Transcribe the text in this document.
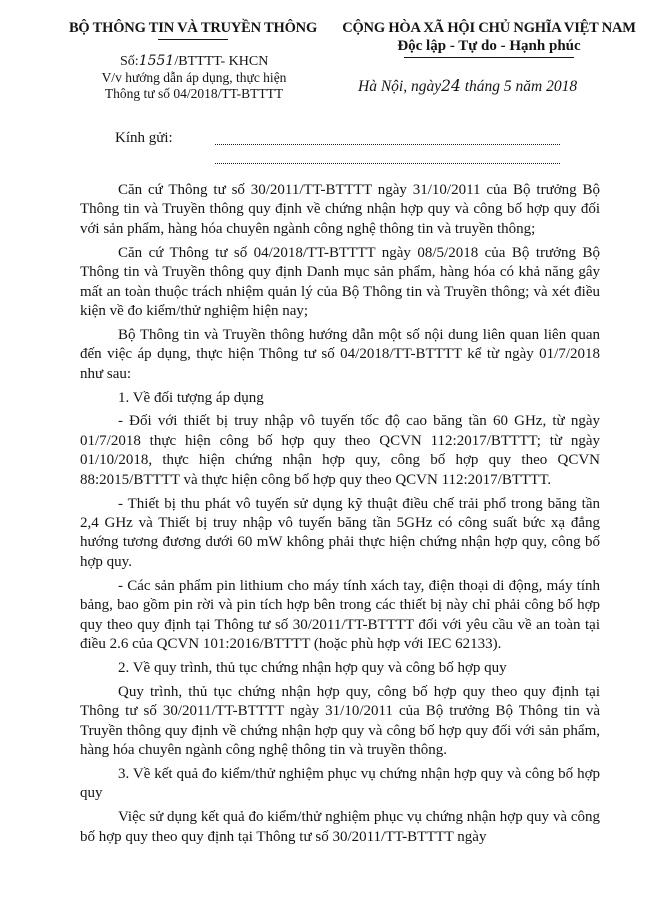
BỘ THÔNG TIN VÀ TRUYỀN THÔNG	CỘNG HÒA XÃ HỘI CHỦ NGHĨA VIỆT NAM
Độc lập - Tự do - Hạnh phúc
Số:1551/BTTTT- KHCN
V/v hướng dẫn áp dụng, thực hiện
Thông tư số 04/2018/TT-BTTTT	Hà Nội, ngày24 tháng 5 năm 2018
Kính gửi:

Căn cứ Thông tư số 30/2011/TT-BTTTT ngày 31/10/2011 của Bộ trưởng Bộ Thông tin và Truyền thông quy định về chứng nhận hợp quy và công bố hợp quy đối với sản phẩm, hàng hóa chuyên ngành công nghệ thông tin và truyền thông;

Căn cứ Thông tư số 04/2018/TT-BTTTT ngày 08/5/2018 của Bộ trưởng Bộ Thông tin và Truyền thông quy định Danh mục sản phẩm, hàng hóa có khả năng gây mất an toàn thuộc trách nhiệm quản lý của Bộ Thông tin và Truyền thông; và xét điều kiện về đo kiểm/thử nghiệm hiện nay;

Bộ Thông tin và Truyền thông hướng dẫn một số nội dung liên quan liên quan đến việc áp dụng, thực hiện Thông tư số 04/2018/TT-BTTTT kể từ ngày 01/7/2018 như sau:

1. Về đối tượng áp dụng

- Đối với thiết bị truy nhập vô tuyến tốc độ cao băng tần 60 GHz, từ ngày 01/7/2018 thực hiện công bố hợp quy theo QCVN 112:2017/BTTTT; từ ngày 01/10/2018, thực hiện chứng nhận hợp quy, công bố hợp quy theo QCVN 88:2015/BTTTT và thực hiện công bố hợp quy theo QCVN 112:2017/BTTTT.

- Thiết bị thu phát vô tuyến sử dụng kỹ thuật điều chế trải phổ trong băng tần 2,4 GHz và Thiết bị truy nhập vô tuyến băng tần 5GHz có công suất bức xạ đẳng hướng tương đương dưới 60 mW không phải thực hiện chứng nhận hợp quy, công bố hợp quy.

- Các sản phẩm pin lithium cho máy tính xách tay, điện thoại di động, máy tính bảng, bao gồm pin rời và pin tích hợp bên trong các thiết bị này chỉ phải công bố hợp quy theo quy định tại Thông tư số 30/2011/TT-BTTTT đối với yêu cầu về an toàn tại điều 2.6 của QCVN 101:2016/BTTTT (hoặc phù hợp với IEC 62133).

2. Về quy trình, thủ tục chứng nhận hợp quy và công bố hợp quy

Quy trình, thủ tục chứng nhận hợp quy, công bố hợp quy theo quy định tại Thông tư số 30/2011/TT-BTTTT ngày 31/10/2011 của Bộ trưởng Bộ Thông tin và Truyền thông quy định về chứng nhận hợp quy và công bố hợp quy đối với sản phẩm, hàng hóa chuyên ngành công nghệ thông tin và truyền thông.

3. Về kết quả đo kiểm/thử nghiệm phục vụ chứng nhận hợp quy và công bố hợp quy

Việc sử dụng kết quả đo kiểm/thử nghiệm phục vụ chứng nhận hợp quy và công bố hợp quy theo quy định tại Thông tư số 30/2011/TT-BTTTT ngày
